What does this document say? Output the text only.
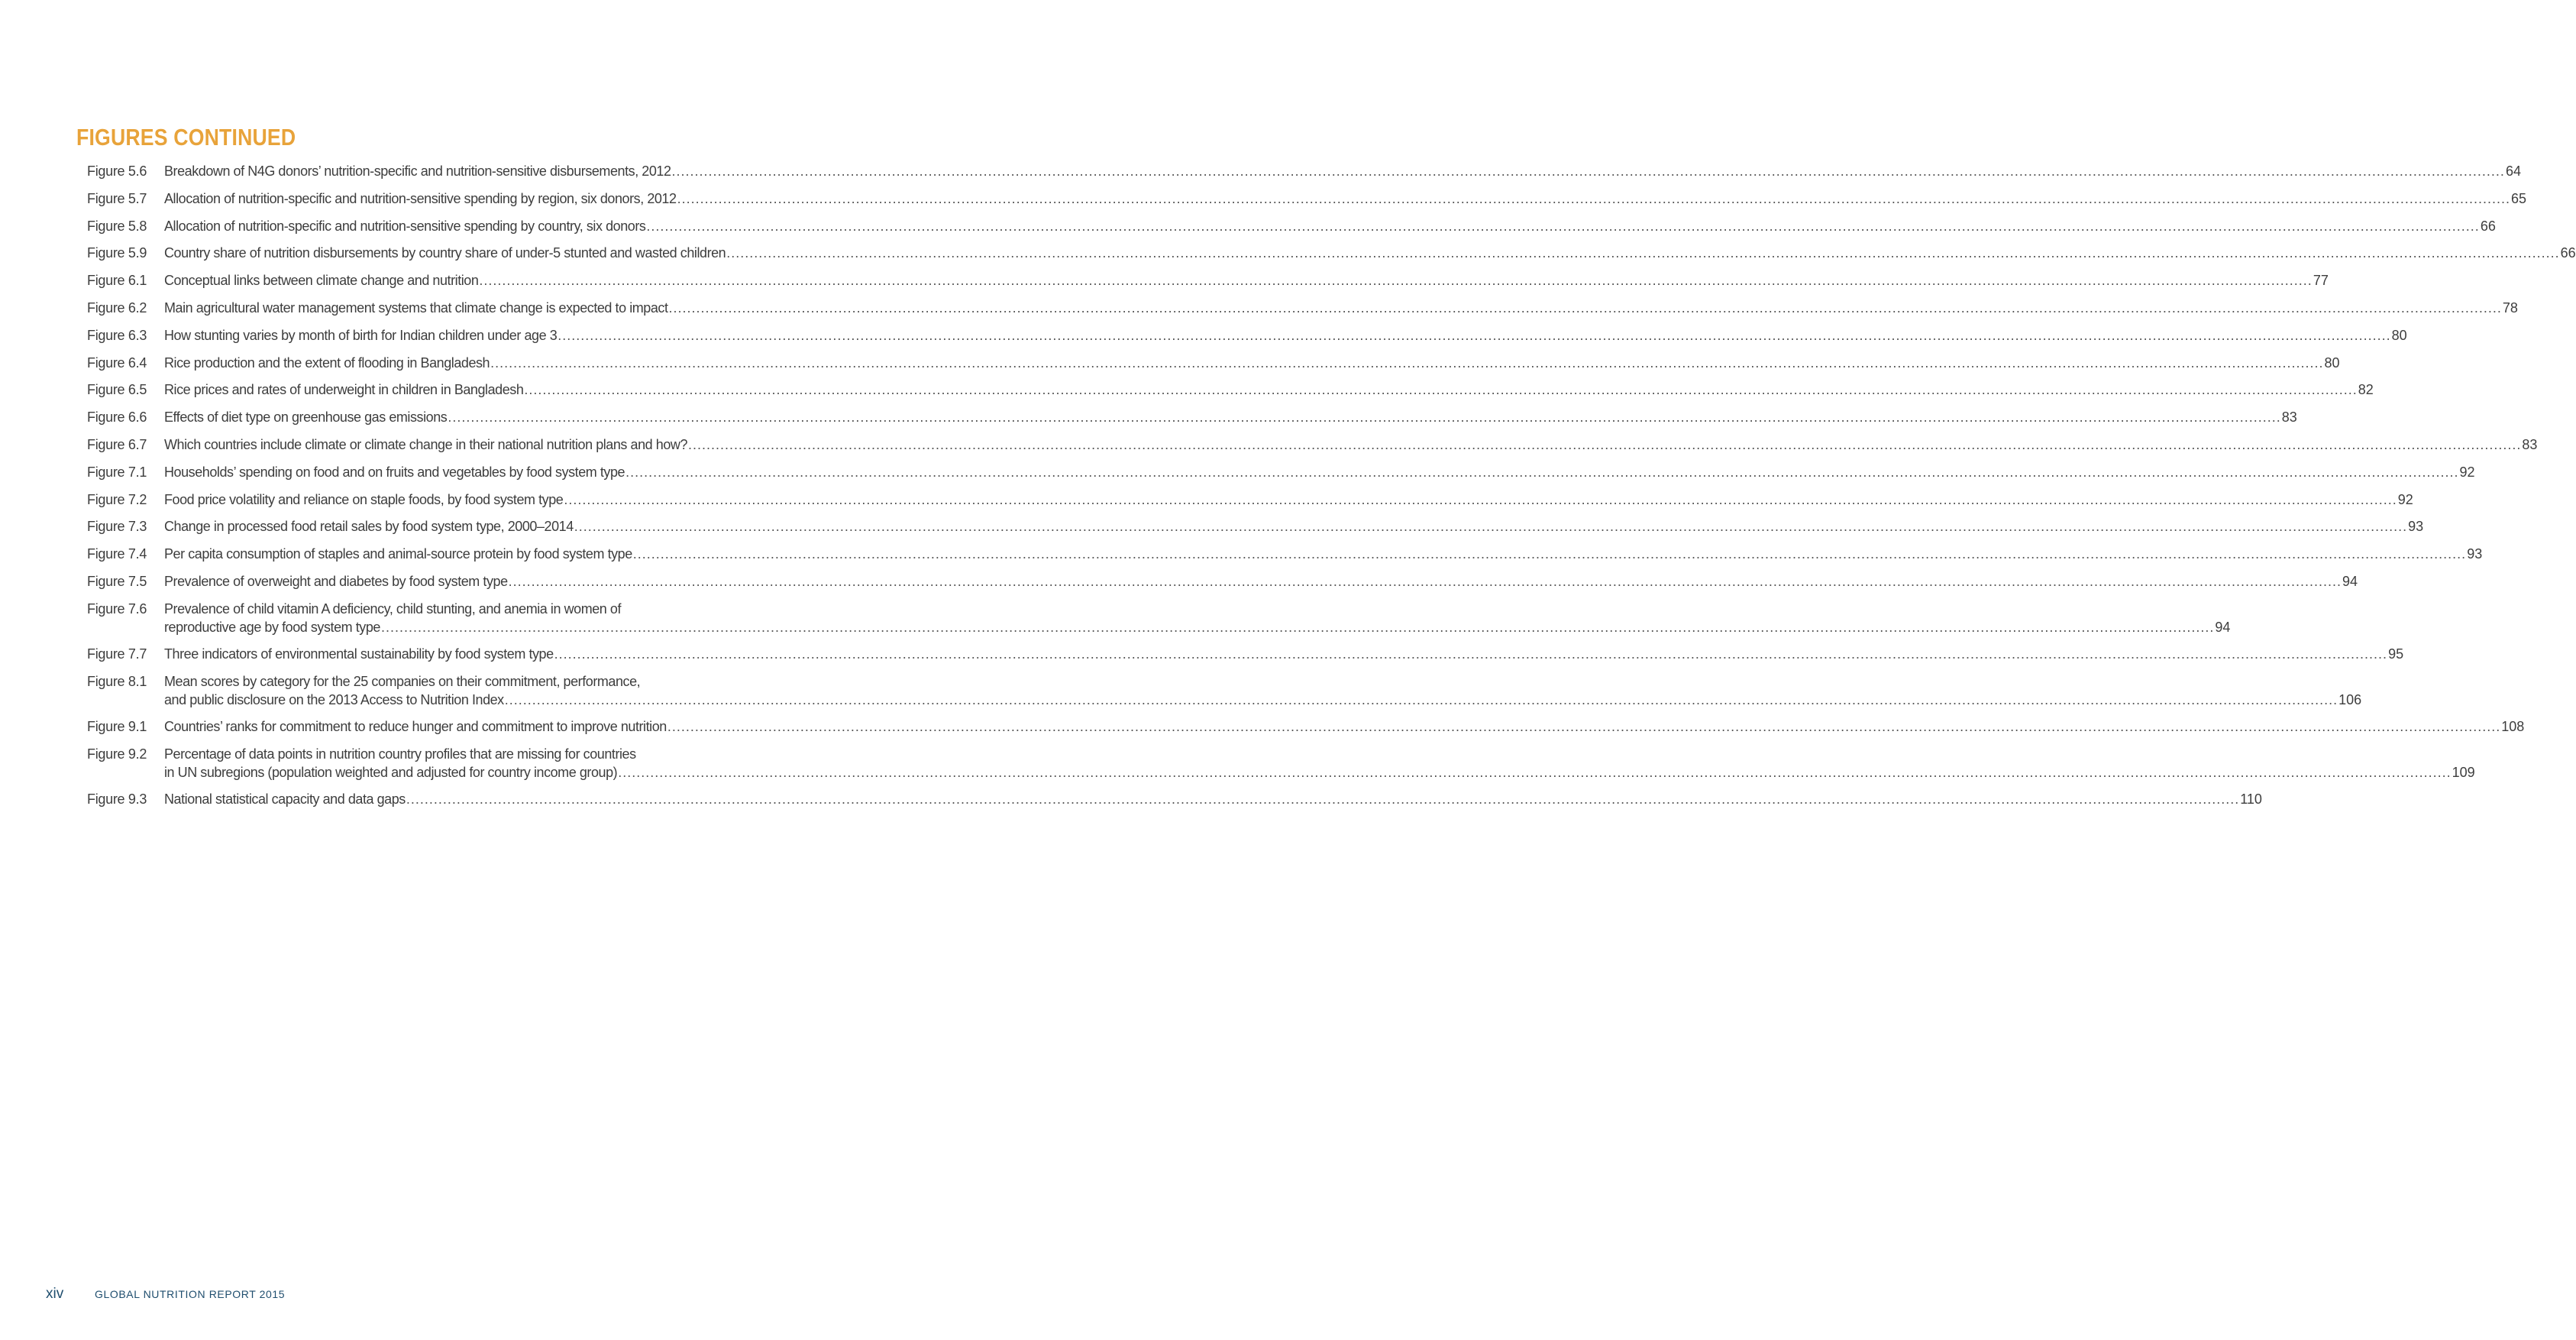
FIGURES CONTINUED
Figure 5.6	Breakdown of N4G donors’ nutrition-specific and nutrition-sensitive disbursements, 2012 ................................................................................................................................................................................................................................................................................................................................................................................................................ 64
Figure 5.7	Allocation of nutrition-specific and nutrition-sensitive spending by region, six donors, 2012 ................................................................................................................................................................................................................................................................................................................................................................................................................ 65
Figure 5.8	Allocation of nutrition-specific and nutrition-sensitive spending by country, six donors ................................................................................................................................................................................................................................................................................................................................................................................................................ 66
Figure 5.9	Country share of nutrition disbursements by country share of under-5 stunted and wasted children ................................................................................................................................................................................................................................................................................................................................................................................................................ 66
Figure 6.1	Conceptual links between climate change and nutrition ................................................................................................................................................................................................................................................................................................................................................................................................................ 77
Figure 6.2	Main agricultural water management systems that climate change is expected to impact ................................................................................................................................................................................................................................................................................................................................................................................................................ 78
Figure 6.3	How stunting varies by month of birth for Indian children under age 3 ................................................................................................................................................................................................................................................................................................................................................................................................................ 80
Figure 6.4	Rice production and the extent of flooding in Bangladesh ................................................................................................................................................................................................................................................................................................................................................................................................................ 80
Figure 6.5	Rice prices and rates of underweight in children in Bangladesh ................................................................................................................................................................................................................................................................................................................................................................................................................ 82
Figure 6.6	Effects of diet type on greenhouse gas emissions ................................................................................................................................................................................................................................................................................................................................................................................................................ 83
Figure 6.7	Which countries include climate or climate change in their national nutrition plans and how? ................................................................................................................................................................................................................................................................................................................................................................................................................ 83
Figure 7.1	Households’ spending on food and on fruits and vegetables by food system type ................................................................................................................................................................................................................................................................................................................................................................................................................ 92
Figure 7.2	Food price volatility and reliance on staple foods, by food system type ................................................................................................................................................................................................................................................................................................................................................................................................................ 92
Figure 7.3	Change in processed food retail sales by food system type, 2000–2014 ................................................................................................................................................................................................................................................................................................................................................................................................................ 93
Figure 7.4	Per capita consumption of staples and animal-source protein by food system type ................................................................................................................................................................................................................................................................................................................................................................................................................ 93
Figure 7.5	Prevalence of overweight and diabetes by food system type ................................................................................................................................................................................................................................................................................................................................................................................................................ 94
Figure 7.6	Prevalence of child vitamin A deficiency, child stunting, and anemia in women of
reproductive age by food system type ................................................................................................................................................................................................................................................................................................................................................................................................................ 94
Figure 7.7	Three indicators of environmental sustainability by food system type ................................................................................................................................................................................................................................................................................................................................................................................................................ 95
Figure 8.1	Mean scores by category for the 25 companies on their commitment, performance,
and public disclosure on the 2013 Access to Nutrition Index ................................................................................................................................................................................................................................................................................................................................................................................................................ 106
Figure 9.1	Countries’ ranks for commitment to reduce hunger and commitment to improve nutrition ................................................................................................................................................................................................................................................................................................................................................................................................................ 108
Figure 9.2	Percentage of data points in nutrition country profiles that are missing for countries
in UN subregions (population weighted and adjusted for country income group) ................................................................................................................................................................................................................................................................................................................................................................................................................ 109
Figure 9.3	National statistical capacity and data gaps ................................................................................................................................................................................................................................................................................................................................................................................................................ 110
xiv	GLOBAL NUTRITION REPORT 2015
